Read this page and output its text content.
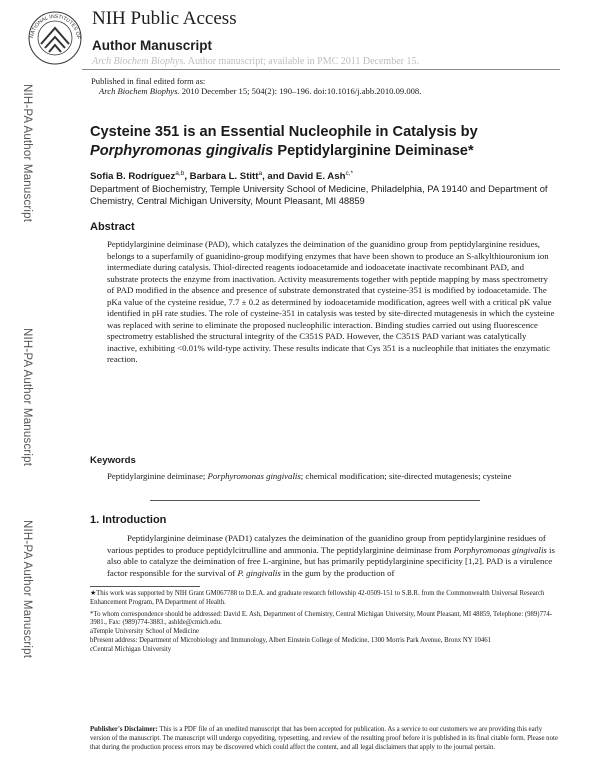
NATIONAL INSTITUTES OF
NIH Public Access
Author Manuscript
Arch Biochem Biophys. Author manuscript; available in PMC 2011 December 15.
Published in final edited form as:
Arch Biochem Biophys. 2010 December 15; 504(2): 190–196. doi:10.1016/j.abb.2010.09.008.
NIH-PA Author Manuscript
NIH-PA Author Manuscript
NIH-PA Author Manuscript
Cysteine 351 is an Essential Nucleophile in Catalysis by Porphyromonas gingivalis Peptidylarginine Deiminase*
Sofia B. Rodríguez$^{a,b}$, Barbara L. Stitt$^a$, and David E. Ash$^{c,*}$
Department of Biochemistry, Temple University School of Medicine, Philadelphia, PA 19140 and Department of Chemistry, Central Michigan University, Mount Pleasant, MI 48859
Abstract
Peptidylarginine deiminase (PAD), which catalyzes the deimination of the guanidino group from peptidylarginine residues, belongs to a superfamily of guanidino-group modifying enzymes that have been shown to produce an S-alkylthiouronium ion intermediate during catalysis. Thiol-directed reagents iodoacetamide and iodoacetate inactivate recombinant PAD, and substrate protects the enzyme from inactivation. Activity measurements together with peptide mapping by mass spectrometry of PAD modified in the absence and presence of substrate demonstrated that cysteine-351 is modified by iodoacetamide. The pKa value of the cysteine residue, 7.7 ± 0.2 as determined by iodoacetamide modification, agrees well with a critical pK value identified in pH rate studies. The role of cysteine-351 in catalysis was tested by site-directed mutagenesis in which the cysteine was replaced with serine to eliminate the proposed nucleophilic interaction. Binding studies carried out using fluorescence spectrometry established the structural integrity of the C351S PAD. However, the C351S PAD variant was catalytically inactive, exhibiting <0.01% wild-type activity. These results indicate that Cys 351 is a nucleophile that initiates the enzymatic reaction.
Keywords
Peptidylarginine deiminase; Porphyromonas gingivalis; chemical modification; site-directed mutagenesis; cysteine
1. Introduction
Peptidylarginine deiminase (PAD1) catalyzes the deimination of the guanidino group from peptidylarginine residues of various peptides to produce peptidylcitrulline and ammonia. The peptidylarginine deiminase from Porphyromonas gingivalis is also able to catalyze the deimination of free L-arginine, but has primarily peptidylarginine specificity [1,2]. PAD is a virulence factor responsible for the survival of P. gingivalis in the gum by the production of

★This work was supported by NIH Grant GM067788 to D.E.A. and graduate research fellowship 42-0509-151 to S.B.R. from the Commonwealth Universal Research Enhancement Program, PA Department of Health.

*To whom correspondence should be addressed: David E. Ash, Department of Chemistry, Central Michigan University, Mount Pleasant, MI 48859, Telephone: (989)774-3981., Fax: (989)774-3883., ashlde@cmich.edu.

aTemple University School of Medicine

bPresent address: Department of Microbiology and Immunology, Albert Einstein College of Medicine, 1300 Morris Park Avenue, Bronx NY 10461

cCentral Michigan University

Publisher's Disclaimer: This is a PDF file of an unedited manuscript that has been accepted for publication. As a service to our customers we are providing this early version of the manuscript. The manuscript will undergo copyediting, typesetting, and review of the resulting proof before it is published in its final citable form. Please note that during the production process errors may be discovered which could affect the content, and all legal disclaimers that apply to the journal pertain.
